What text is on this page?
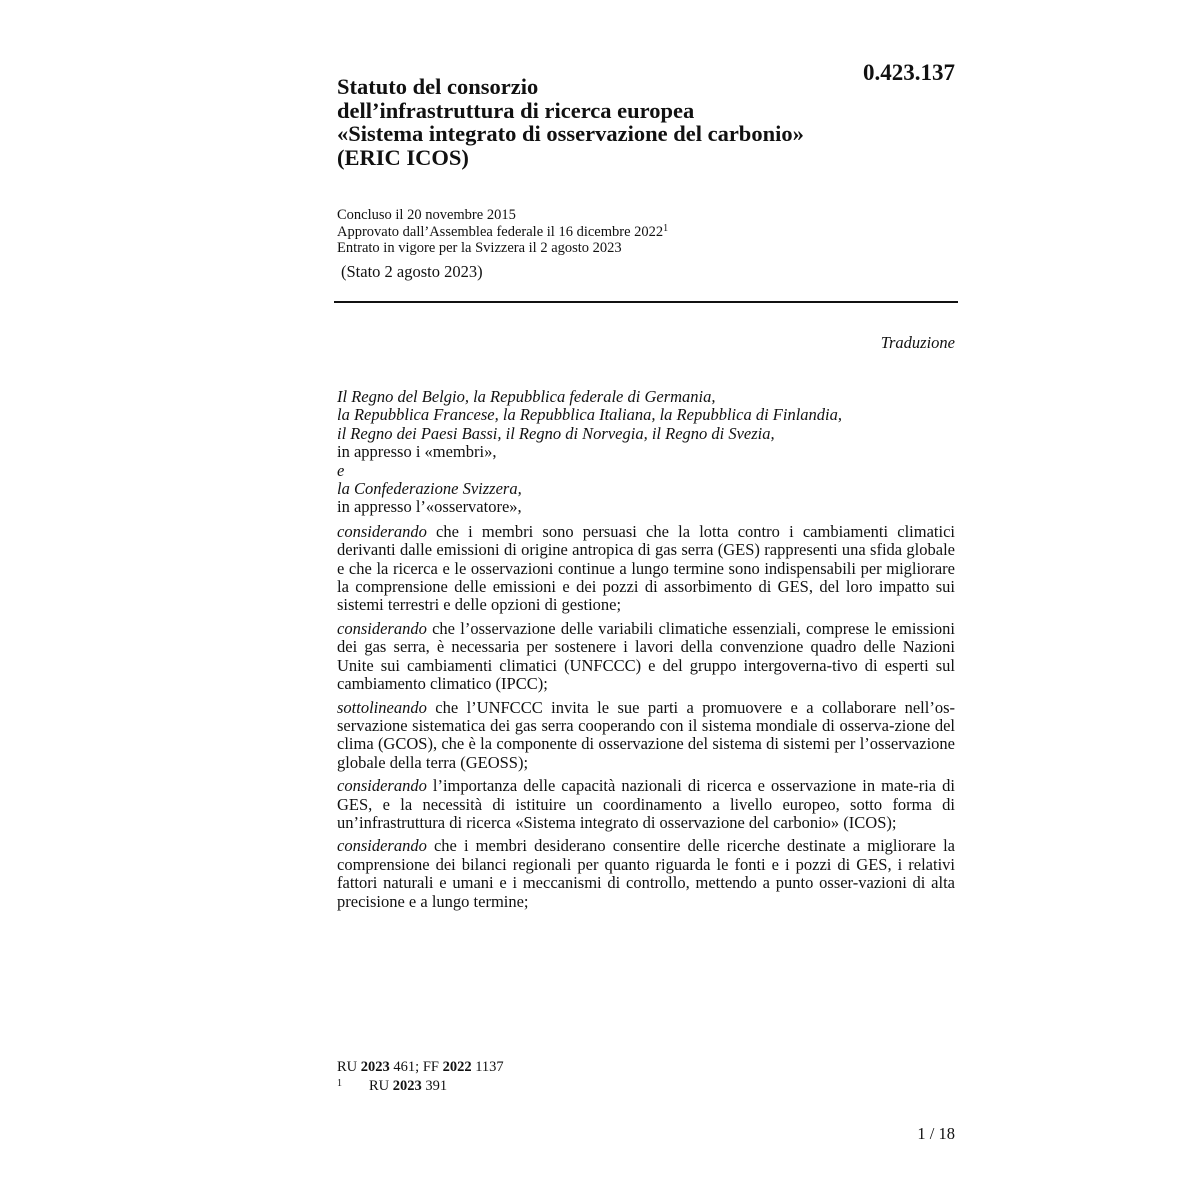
0.423.137
Statuto del consorzio
dell’infrastruttura di ricerca europea
«Sistema integrato di osservazione del carbonio»
(ERIC ICOS)
Concluso il 20 novembre 2015
Approvato dall’Assemblea federale il 16 dicembre 2022$^1$
Entrato in vigore per la Svizzera il 2 agosto 2023
(Stato 2 agosto 2023)
Traduzione
Il Regno del Belgio, la Repubblica federale di Germania,
la Repubblica Francese, la Repubblica Italiana, la Repubblica di Finlandia,
il Regno dei Paesi Bassi, il Regno di Norvegia, il Regno di Svezia,
in appresso i «membri»,
e
la Confederazione Svizzera,
in appresso l’«osservatore»,

considerando che i membri sono persuasi che la lotta contro i cambiamenti climatici derivanti dalle emissioni di origine antropica di gas serra (GES) rappresenti una sfida globale e che la ricerca e le osservazioni continue a lungo termine sono indispensabili per migliorare la comprensione delle emissioni e dei pozzi di assorbimento di GES, del loro impatto sui sistemi terrestri e delle opzioni di gestione;

considerando che l’osservazione delle variabili climatiche essenziali, comprese le emissioni dei gas serra, è necessaria per sostenere i lavori della convenzione quadro delle Nazioni Unite sui cambiamenti climatici (UNFCCC) e del gruppo intergoverna-tivo di esperti sul cambiamento climatico (IPCC);

sottolineando che l’UNFCCC invita le sue parti a promuovere e a collaborare nell’os-servazione sistematica dei gas serra cooperando con il sistema mondiale di osserva-zione del clima (GCOS), che è la componente di osservazione del sistema di sistemi per l’osservazione globale della terra (GEOSS);

considerando l’importanza delle capacità nazionali di ricerca e osservazione in mate-ria di GES, e la necessità di istituire un coordinamento a livello europeo, sotto forma di un’infrastruttura di ricerca «Sistema integrato di osservazione del carbonio» (ICOS);

considerando che i membri desiderano consentire delle ricerche destinate a migliorare la comprensione dei bilanci regionali per quanto riguarda le fonti e i pozzi di GES, i relativi fattori naturali e umani e i meccanismi di controllo, mettendo a punto osser-vazioni di alta precisione e a lungo termine;

RU 2023 461; FF 2022 1137
1 RU 2023 391
1 / 18
